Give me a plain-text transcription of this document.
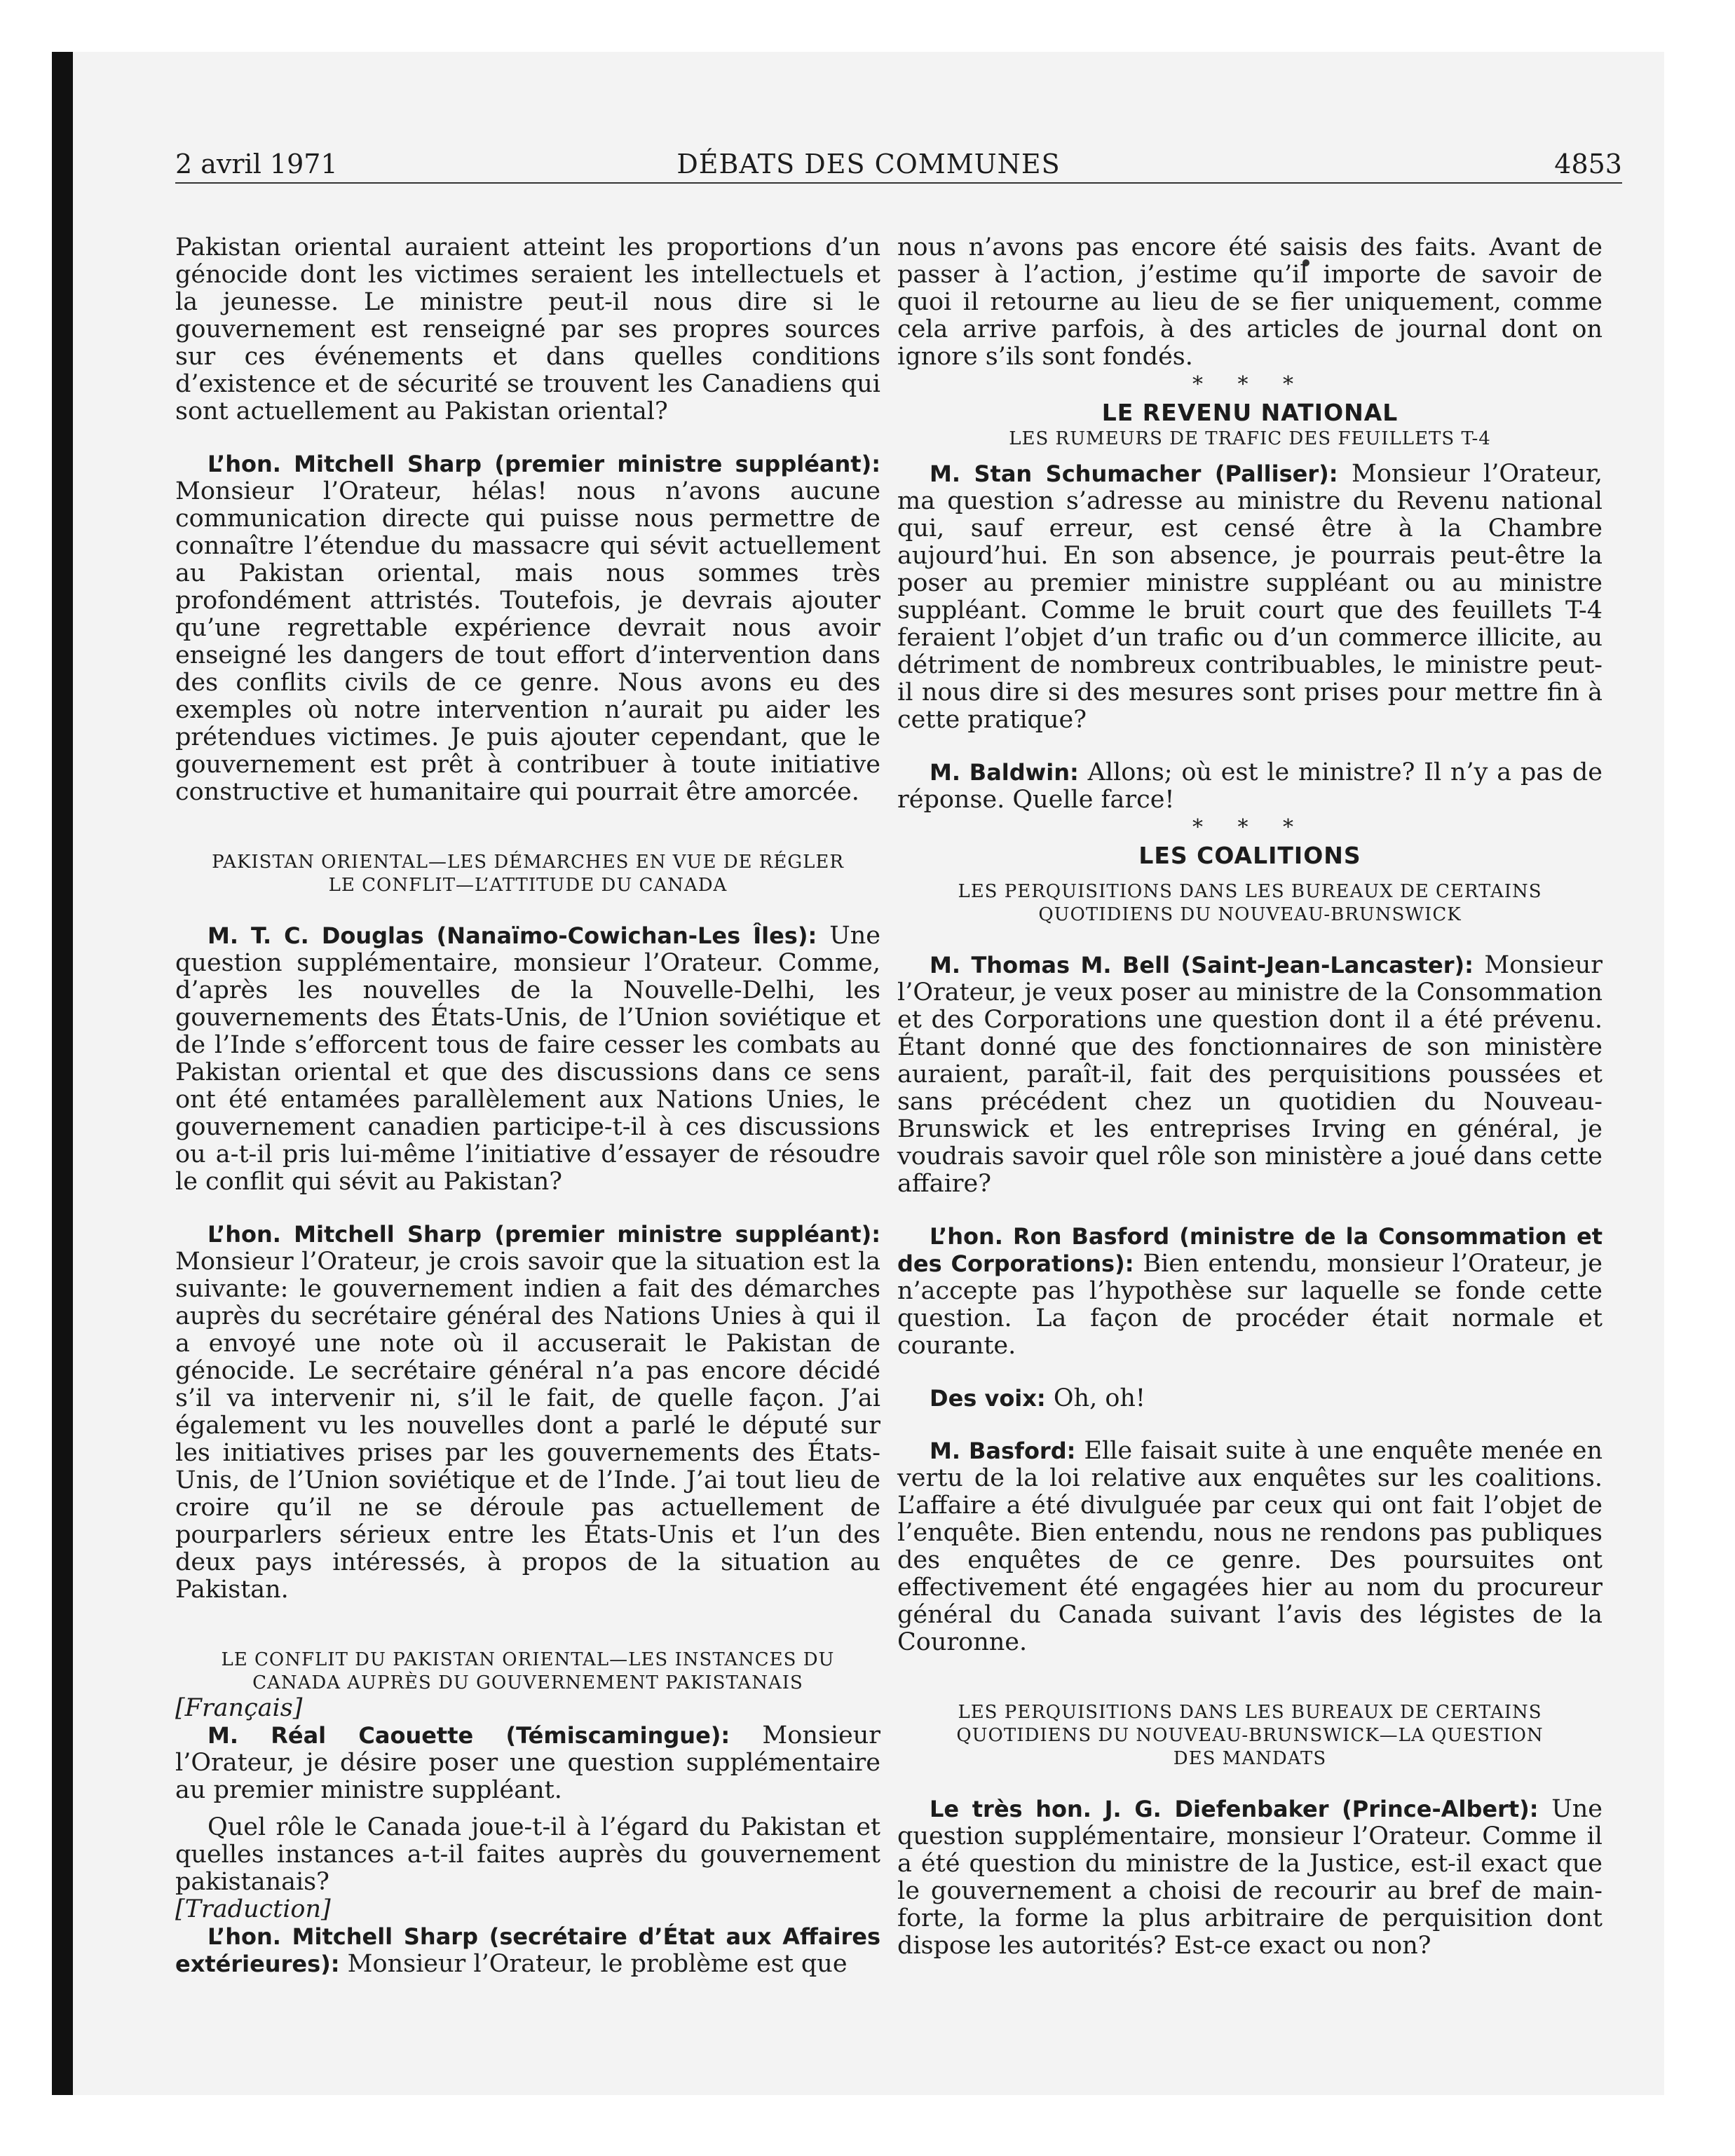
2 avril 1971	DÉBATS DES COMMUNES	4853

Pakistan oriental auraient atteint les proportions d’un génocide dont les victimes seraient les intellectuels et la jeunesse. Le ministre peut-il nous dire si le gouvernement est renseigné par ses propres sources sur ces événements et dans quelles conditions d’existence et de sécurité se trouvent les Canadiens qui sont actuellement au Pakistan oriental?

L’hon. Mitchell Sharp (premier ministre suppléant): Monsieur l’Orateur, hélas! nous n’avons aucune communication directe qui puisse nous permettre de connaître l’étendue du massacre qui sévit actuellement au Pakistan oriental, mais nous sommes très profondément attristés. Toutefois, je devrais ajouter qu’une regrettable expérience devrait nous avoir enseigné les dangers de tout effort d’intervention dans des conflits civils de ce genre. Nous avons eu des exemples où notre intervention n’aurait pu aider les prétendues victimes. Je puis ajouter cependant, que le gouvernement est prêt à contribuer à toute initiative constructive et humanitaire qui pourrait être amorcée.

PAKISTAN ORIENTAL—LES DÉMARCHES EN VUE DE RÉGLER

LE CONFLIT—L’ATTITUDE DU CANADA

M. T. C. Douglas (Nanaïmo-Cowichan-Les Îles): Une question supplémentaire, monsieur l’Orateur. Comme, d’après les nouvelles de la Nouvelle-Delhi, les gouvernements des États-Unis, de l’Union soviétique et de l’Inde s’efforcent tous de faire cesser les combats au Pakistan oriental et que des discussions dans ce sens ont été entamées parallèlement aux Nations Unies, le gouvernement canadien participe-t-il à ces discussions ou a-t-il pris lui-même l’initiative d’essayer de résoudre le conflit qui sévit au Pakistan?

L’hon. Mitchell Sharp (premier ministre suppléant): Monsieur l’Orateur, je crois savoir que la situation est la suivante: le gouvernement indien a fait des démarches auprès du secrétaire général des Nations Unies à qui il a envoyé une note où il accuserait le Pakistan de génocide. Le secrétaire général n’a pas encore décidé s’il va intervenir ni, s’il le fait, de quelle façon. J’ai également vu les nouvelles dont a parlé le député sur les initiatives prises par les gouvernements des États-Unis, de l’Union soviétique et de l’Inde. J’ai tout lieu de croire qu’il ne se déroule pas actuellement de pourparlers sérieux entre les États-Unis et l’un des deux pays intéressés, à propos de la situation au Pakistan.

LE CONFLIT DU PAKISTAN ORIENTAL—LES INSTANCES DU

CANADA AUPRÈS DU GOUVERNEMENT PAKISTANAIS

[Français]

M. Réal Caouette (Témiscamingue): Monsieur l’Orateur, je désire poser une question supplémentaire au premier ministre suppléant.

Quel rôle le Canada joue-t-il à l’égard du Pakistan et quelles instances a-t-il faites auprès du gouvernement pakistanais?

[Traduction]

L’hon. Mitchell Sharp (secrétaire d’État aux Affaires extérieures): Monsieur l’Orateur, le problème est que

nous n’avons pas encore été saisis des faits. Avant de passer à l’action, j’estime qu’il importe de savoir de quoi il retourne au lieu de se fier uniquement, comme cela arrive parfois, à des articles de journal dont on ignore s’ils sont fondés.

* * *

LE REVENU NATIONAL

LES RUMEURS DE TRAFIC DES FEUILLETS T-4

M. Stan Schumacher (Palliser): Monsieur l’Orateur, ma question s’adresse au ministre du Revenu national qui, sauf erreur, est censé être à la Chambre aujourd’hui. En son absence, je pourrais peut-être la poser au premier ministre suppléant ou au ministre suppléant. Comme le bruit court que des feuillets T-4 feraient l’objet d’un trafic ou d’un commerce illicite, au détriment de nombreux contribuables, le ministre peut-il nous dire si des mesures sont prises pour mettre fin à cette pratique?

M. Baldwin: Allons; où est le ministre? Il n’y a pas de réponse. Quelle farce!

* * *

LES COALITIONS

LES PERQUISITIONS DANS LES BUREAUX DE CERTAINS

QUOTIDIENS DU NOUVEAU-BRUNSWICK

M. Thomas M. Bell (Saint-Jean-Lancaster): Monsieur l’Orateur, je veux poser au ministre de la Consommation et des Corporations une question dont il a été prévenu. Étant donné que des fonctionnaires de son ministère auraient, paraît-il, fait des perquisitions poussées et sans précédent chez un quotidien du Nouveau-Brunswick et les entreprises Irving en général, je voudrais savoir quel rôle son ministère a joué dans cette affaire?

L’hon. Ron Basford (ministre de la Consommation et des Corporations): Bien entendu, monsieur l’Orateur, je n’accepte pas l’hypothèse sur laquelle se fonde cette question. La façon de procéder était normale et courante.

Des voix: Oh, oh!

M. Basford: Elle faisait suite à une enquête menée en vertu de la loi relative aux enquêtes sur les coalitions. L’affaire a été divulguée par ceux qui ont fait l’objet de l’enquête. Bien entendu, nous ne rendons pas publiques des enquêtes de ce genre. Des poursuites ont effectivement été engagées hier au nom du procureur général du Canada suivant l’avis des légistes de la Couronne.

LES PERQUISITIONS DANS LES BUREAUX DE CERTAINS

QUOTIDIENS DU NOUVEAU-BRUNSWICK—LA QUESTION

DES MANDATS

Le très hon. J. G. Diefenbaker (Prince-Albert): Une question supplémentaire, monsieur l’Orateur. Comme il a été question du ministre de la Justice, est-il exact que le gouvernement a choisi de recourir au bref de main-forte, la forme la plus arbitraire de perquisition dont dispose les autorités? Est-ce exact ou non?
